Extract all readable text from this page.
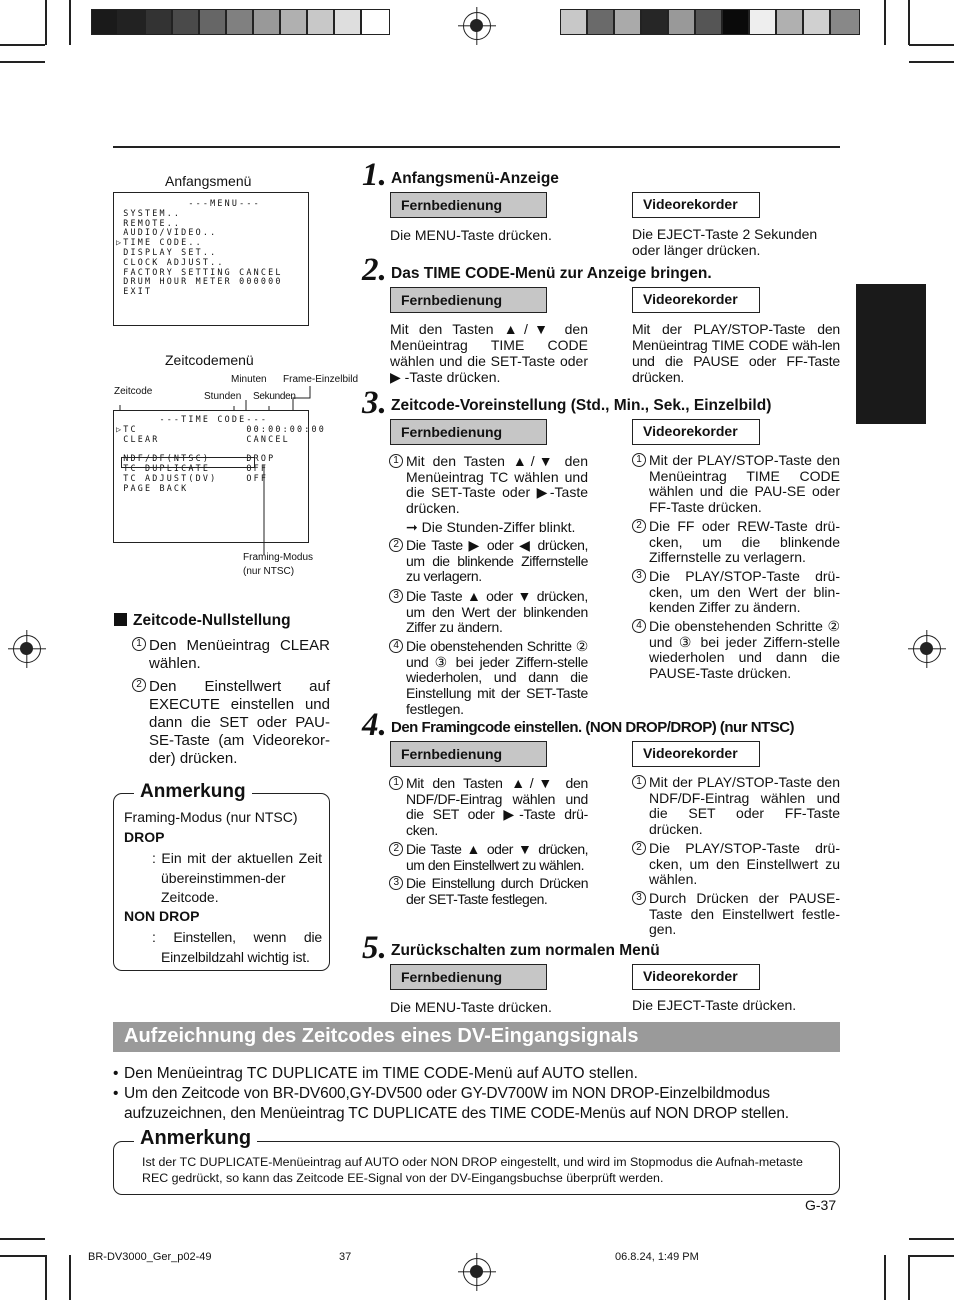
Anfangsmenü
---MENU---
SYSTEM..
REMOTE..
AUDIO/VIDEO..
▷TIME CODE..
DISPLAY SET..
CLOCK ADJUST..
FACTORY SETTING CANCEL
DRUM HOUR METER 000000
EXIT
Zeitcodemenü
Minuten Frame-Einzelbild
Zeitcode	Stunden Sekunden
---TIME CODE---
▷TC               00:00:00:00
CLEAR            CANCEL

NDF/DF(NTSC)     DROP
TC DUPLICATE     OFF
TC ADJUST(DV)    OFF
PAGE BACK
Framing-Modus
(nur NTSC)
Zeitcode-Nullstellung
1 Den Menüeintrag CLEAR wählen.
2 Den Einstellwert auf EXECUTE einstellen und dann die SET oder PAU-SE-Taste (am Videorekor-der) drücken.
Anmerkung
Framing-Modus (nur NTSC)
DROP
: Ein mit der aktuellen Zeit übereinstimmen-der Zeitcode.
NON DROP
: Einstellen, wenn die Einzelbildzahl wichtig ist.
1. Anfangsmenü-Anzeige
Fernbedienung	Videorekorder
Die MENU-Taste drücken.	Die EJECT-Taste 2 Sekunden oder länger drücken.
2. Das TIME CODE-Menü zur Anzeige bringen.
Fernbedienung	Videorekorder
Mit den Tasten ▲/▼ den Menüeintrag TIME CODE wählen und die SET-Taste oder ▶ -Taste drücken.
Mit der PLAY/STOP-Taste den Menüeintrag TIME CODE wäh-len und die PAUSE oder FF-Taste drücken.
3. Zeitcode-Voreinstellung (Std., Min., Sek., Einzelbild)
Fernbedienung	Videorekorder
1 Mit den Tasten ▲/▼ den Menüeintrag TC wählen und die SET-Taste oder ▶-Taste drücken.
➞ Die Stunden-Ziffer blinkt.
2 Die Taste ▶ oder ◀ drücken, um die blinkende Ziffernstelle zu verlagern.
3 Die Taste ▲ oder ▼ drücken, um den Wert der blinkenden Ziffer zu ändern.
4 Die obenstehenden Schritte ② und ③ bei jeder Ziffern-stelle wiederholen, und dann die Einstellung mit der SET-Taste festlegen.
1 Mit der PLAY/STOP-Taste den Menüeintrag TIME CODE wählen und die PAU-SE oder FF-Taste drücken.
2 Die FF oder REW-Taste drü-cken, um die blinkende Ziffernstelle zu verlagern.
3 Die PLAY/STOP-Taste drü-cken, um den Wert der blin-kenden Ziffer zu ändern.
4 Die obenstehenden Schritte ② und ③ bei jeder Ziffern-stelle wiederholen und dann die PAUSE-Taste drücken.
4. Den Framingcode einstellen. (NON DROP/DROP) (nur NTSC)
Fernbedienung	Videorekorder
1 Mit den Tasten ▲/▼ den NDF/DF-Eintrag wählen und die SET oder ▶-Taste drü-cken.
2 Die Taste ▲ oder ▼ drücken, um den Einstellwert zu wählen.
3 Die Einstellung durch Drücken der SET-Taste festlegen.
1 Mit der PLAY/STOP-Taste den NDF/DF-Eintrag wählen und die SET oder FF-Taste drücken.
2 Die PLAY/STOP-Taste drü-cken, um den Einstellwert zu wählen.
3 Durch Drücken der PAUSE-Taste den Einstellwert festle-gen.
5. Zurückschalten zum normalen Menü
Fernbedienung	Videorekorder
Die MENU-Taste drücken.	Die EJECT-Taste drücken.
Aufzeichnung des Zeitcodes eines DV-Eingangsignals
• Den Menüeintrag TC DUPLICATE im TIME CODE-Menü auf AUTO stellen.
• Um den Zeitcode von BR-DV600,GY-DV500 oder GY-DV700W im NON DROP-Einzelbildmodus aufzuzeichnen, den Menüeintrag TC DUPLICATE des TIME CODE-Menüs auf NON DROP stellen.
Anmerkung
Ist der TC DUPLICATE-Menüeintrag auf AUTO oder NON DROP eingestellt, und wird im Stopmodus die Aufnah-metaste REC gedrückt, so kann das Zeitcode EE-Signal von der DV-Eingangsbuchse überprüft werden.
G-37
BR-DV3000_Ger_p02-49	37	06.8.24, 1:49 PM
